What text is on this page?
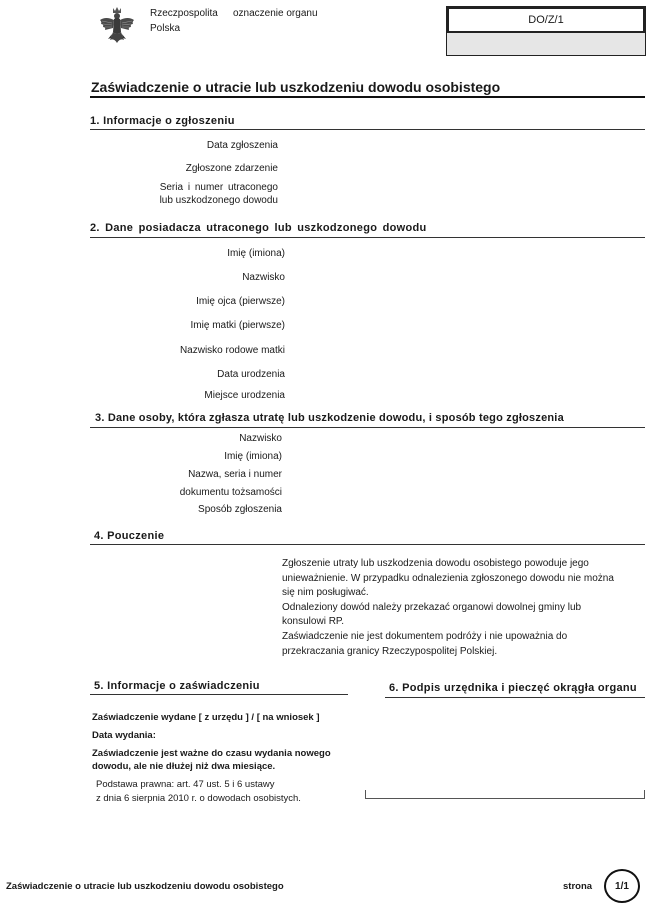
Rzeczpospolita
Polska
oznaczenie organu
DO/Z/1
Zaświadczenie o utracie lub uszkodzeniu dowodu osobistego
1. Informacje o zgłoszeniu
Data zgłoszenia
Zgłoszone zdarzenie
Seria i numer utraconego
lub uszkodzonego dowodu
2. Dane posiadacza utraconego lub uszkodzonego dowodu
Imię (imiona)
Nazwisko
Imię ojca (pierwsze)
Imię matki (pierwsze)
Nazwisko rodowe matki
Data urodzenia
Miejsce urodzenia
3. Dane osoby, która zgłasza utratę lub uszkodzenie dowodu, i sposób tego zgłoszenia
Nazwisko
Imię (imiona)
Nazwa, seria i numer
dokumentu tożsamości
Sposób zgłoszenia
4. Pouczenie
Zgłoszenie utraty lub uszkodzenia dowodu osobistego powoduje jego
unieważnienie. W przypadku odnalezienia zgłoszonego dowodu nie można
się nim posługiwać.
Odnaleziony dowód należy przekazać organowi dowolnej gminy lub
konsulowi RP.
Zaświadczenie nie jest dokumentem podróży i nie upoważnia do
przekraczania granicy Rzeczypospolitej Polskiej.
5. Informacje o zaświadczeniu
Zaświadczenie wydane [ z urzędu ] / [ na wniosek ]
Data wydania:
Zaświadczenie jest ważne do czasu wydania nowego
dowodu, ale nie dłużej niż dwa miesiące.
Podstawa prawna: art. 47 ust. 5 i 6 ustawy
z dnia 6 sierpnia 2010 r. o dowodach osobistych.
6. Podpis urzędnika i pieczęć okrągła organu
Zaświadczenie o utracie lub uszkodzeniu dowodu osobistego	strona 1/1
